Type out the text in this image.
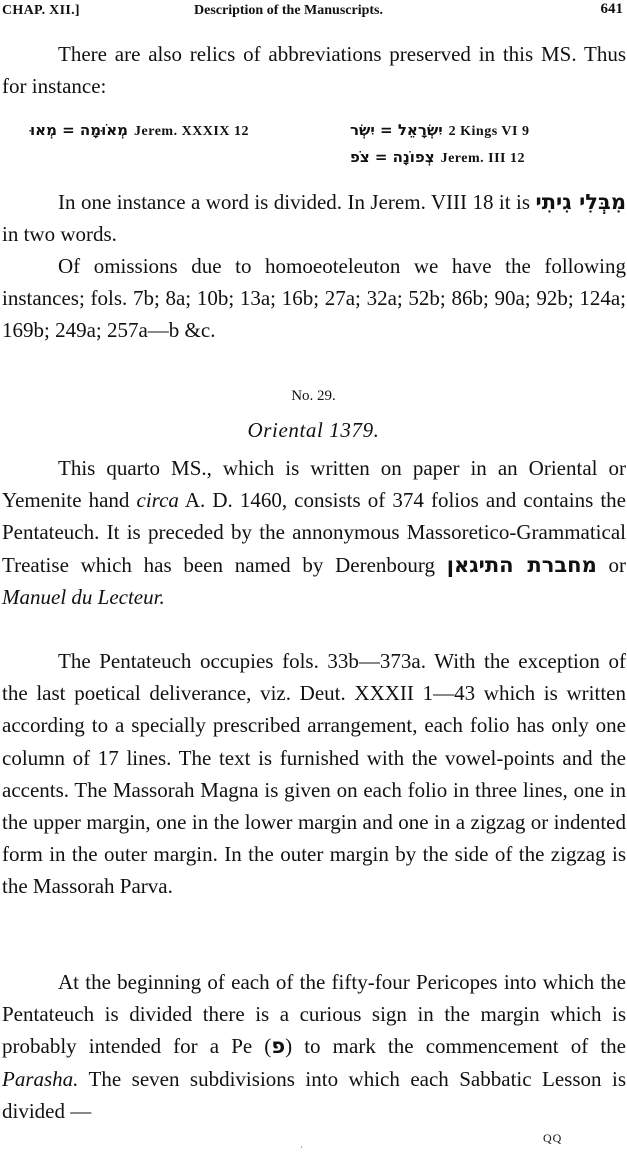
CHAP. XII.]	Description of the Manuscripts.	641

There are also relics of abbreviations preserved in this MS. Thus for instance:

מְאֹוּמָה = מְאוּ Jerem. XXXIX 12	יִשְׂרָאֵל = יִשְׂר 2 Kings VI 9
צְפוֹנָה = צֹפ Jerem. III 12

In one instance a word is divided. In Jerem. VIII 18 it is מִבְּלִי גִיתִי in two words.

Of omissions due to homoeoteleuton we have the following instances; fols. 7b; 8a; 10b; 13a; 16b; 27a; 32a; 52b; 86b; 90a; 92b; 124a; 169b; 249a; 257a—b &c.

No. 29.
Oriental 1379.

This quarto MS., which is written on paper in an Oriental or Yemenite hand circa A. D. 1460, consists of 374 folios and contains the Pentateuch. It is preceded by the annonymous Massoretico-Grammatical Treatise which has been named by Derenbourg מחברת התיגאן or Manuel du Lecteur.

The Pentateuch occupies fols. 33b—373a. With the exception of the last poetical deliverance, viz. Deut. XXXII 1—43 which is written according to a specially prescribed arrangement, each folio has only one column of 17 lines. The text is furnished with the vowel-points and the accents. The Massorah Magna is given on each folio in three lines, one in the upper margin, one in the lower margin and one in a zigzag or indented form in the outer margin. In the outer margin by the side of the zigzag is the Massorah Parva.

At the beginning of each of the fifty-four Pericopes into which the Pentateuch is divided there is a curious sign in the margin which is probably intended for a Pe (פ) to mark the commencement of the Parasha. The seven subdivisions into which each Sabbatic Lesson is divided —

·
QQ
